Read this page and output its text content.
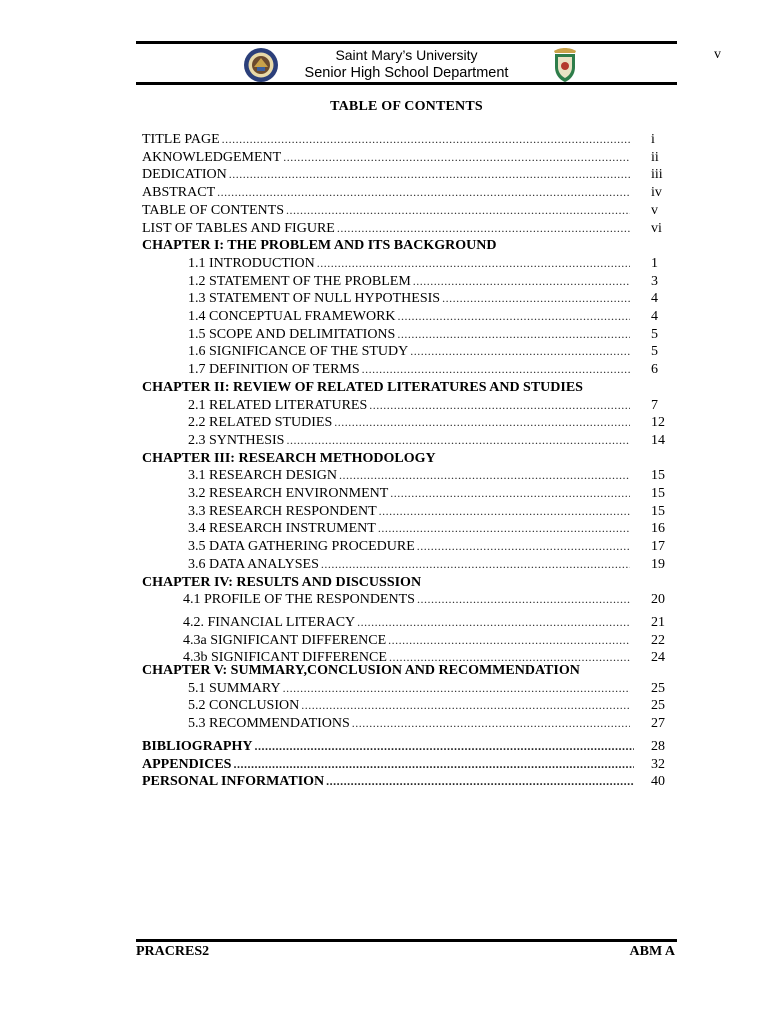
v
Saint Mary’s University
Senior High School Department
TABLE OF CONTENTS
PRACRES2	ABM A
TITLE PAGE .....	i
AKNOWLEDGEMENT .....	ii
DEDICATION .....	iii
ABSTRACT .....	iv
TABLE OF CONTENTS .....	v
LIST OF TABLES AND FIGURE .....	vi
CHAPTER I: THE PROBLEM AND ITS BACKGROUND
1.1 INTRODUCTION .....	1
1.2 STATEMENT OF THE PROBLEM .....	3
1.3 STATEMENT OF NULL HYPOTHESIS .....	4
1.4 CONCEPTUAL FRAMEWORK .....	4
1.5 SCOPE AND DELIMITATIONS .....	5
1.6 SIGNIFICANCE OF THE STUDY .....	5
1.7 DEFINITION OF TERMS .....	6
CHAPTER II: REVIEW OF RELATED LITERATURES AND STUDIES
2.1 RELATED LITERATURES .....	7
2.2 RELATED STUDIES .....	12
2.3 SYNTHESIS .....	14
CHAPTER III: RESEARCH METHODOLOGY
3.1 RESEARCH DESIGN .....	15
3.2 RESEARCH ENVIRONMENT .....	15
3.3 RESEARCH RESPONDENT .....	15
3.4 RESEARCH INSTRUMENT .....	16
3.5 DATA GATHERING PROCEDURE .....	17
3.6 DATA ANALYSES .....	19
CHAPTER IV: RESULTS AND DISCUSSION
4.1 PROFILE OF THE RESPONDENTS .....	20
4.2. FINANCIAL LITERACY .....	21
4.3a SIGNIFICANT DIFFERENCE .....	22
4.3b SIGNIFICANT DIFFERENCE .....	24
CHAPTER V: SUMMARY,CONCLUSION AND RECOMMENDATION
5.1 SUMMARY .....	25
5.2 CONCLUSION .....	25
5.3 RECOMMENDATIONS .....	27
BIBLIOGRAPHY .....	28
APPENDICES .....	32
PERSONAL INFORMATION .....	40
